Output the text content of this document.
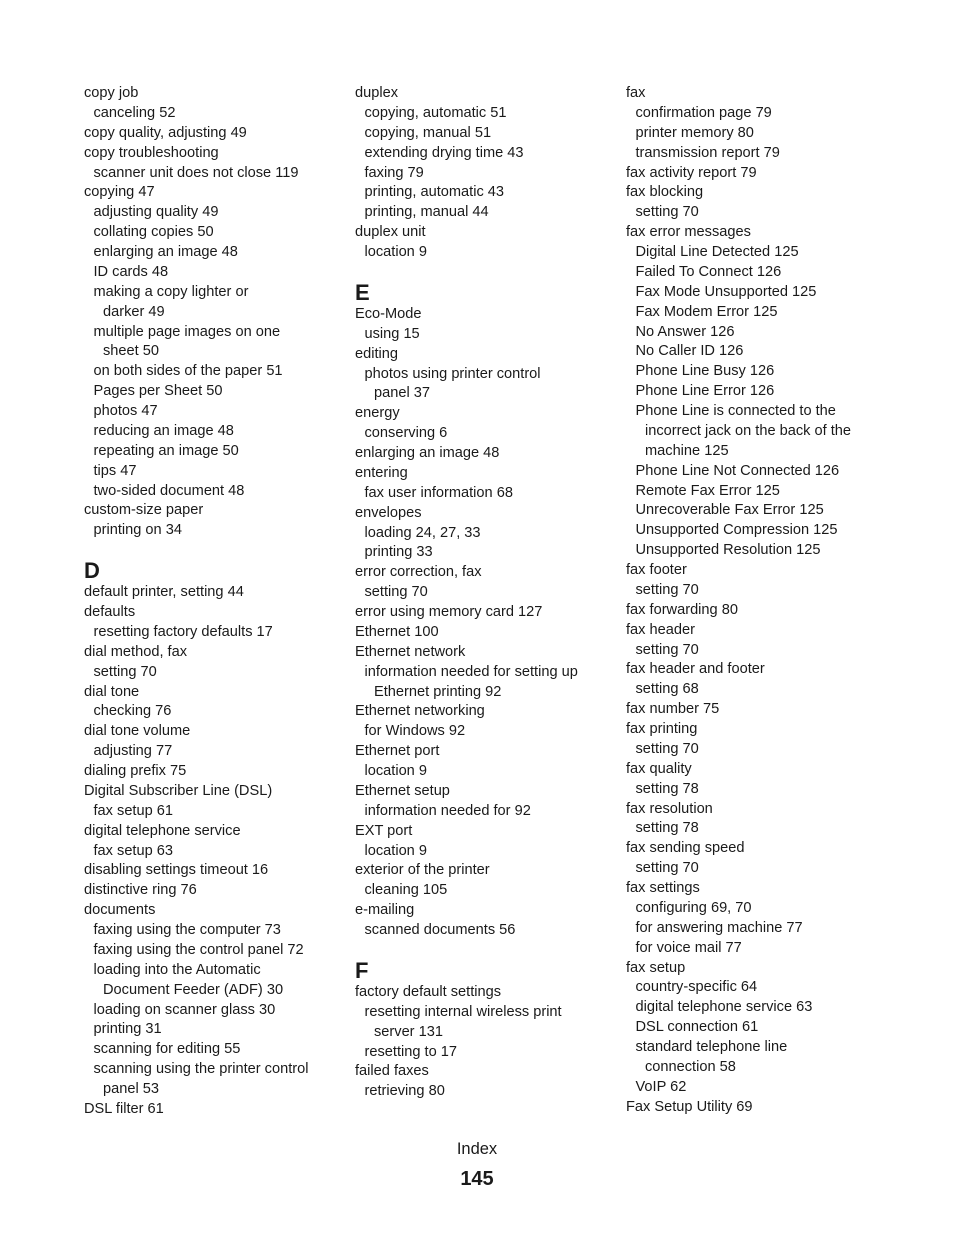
copy job
canceling 52
copy quality, adjusting 49
copy troubleshooting
scanner unit does not close 119
copying 47
adjusting quality 49
collating copies 50
enlarging an image 48
ID cards 48
making a copy lighter or
darker 49
multiple page images on one
sheet 50
on both sides of the paper 51
Pages per Sheet 50
photos 47
reducing an image 48
repeating an image 50
tips 47
two-sided document 48
custom-size paper
printing on 34
D
default printer, setting 44
defaults
resetting factory defaults 17
dial method, fax
setting 70
dial tone
checking 76
dial tone volume
adjusting 77
dialing prefix 75
Digital Subscriber Line (DSL)
fax setup 61
digital telephone service
fax setup 63
disabling settings timeout 16
distinctive ring 76
documents
faxing using the computer 73
faxing using the control panel 72
loading into the Automatic
Document Feeder (ADF) 30
loading on scanner glass 30
printing 31
scanning for editing 55
scanning using the printer control
panel 53
DSL filter 61
duplex
copying, automatic 51
copying, manual 51
extending drying time 43
faxing 79
printing, automatic 43
printing, manual 44
duplex unit
location 9
E
Eco-Mode
using 15
editing
photos using printer control
panel 37
energy
conserving 6
enlarging an image 48
entering
fax user information 68
envelopes
loading 24, 27, 33
printing 33
error correction, fax
setting 70
error using memory card 127
Ethernet 100
Ethernet network
information needed for setting up
Ethernet printing 92
Ethernet networking
for Windows 92
Ethernet port
location 9
Ethernet setup
information needed for 92
EXT port
location 9
exterior of the printer
cleaning 105
e-mailing
scanned documents 56
F
factory default settings
resetting internal wireless print
server 131
resetting to 17
failed faxes
retrieving 80
fax
confirmation page 79
printer memory 80
transmission report 79
fax activity report 79
fax blocking
setting 70
fax error messages
Digital Line Detected 125
Failed To Connect 126
Fax Mode Unsupported 125
Fax Modem Error 125
No Answer 126
No Caller ID 126
Phone Line Busy 126
Phone Line Error 126
Phone Line is connected to the
incorrect jack on the back of the
machine 125
Phone Line Not Connected 126
Remote Fax Error 125
Unrecoverable Fax Error 125
Unsupported Compression 125
Unsupported Resolution 125
fax footer
setting 70
fax forwarding 80
fax header
setting 70
fax header and footer
setting 68
fax number 75
fax printing
setting 70
fax quality
setting 78
fax resolution
setting 78
fax sending speed
setting 70
fax settings
configuring 69, 70
for answering machine 77
for voice mail 77
fax setup
country-specific 64
digital telephone service 63
DSL connection 61
standard telephone line
connection 58
VoIP 62
Fax Setup Utility 69
Index
145
